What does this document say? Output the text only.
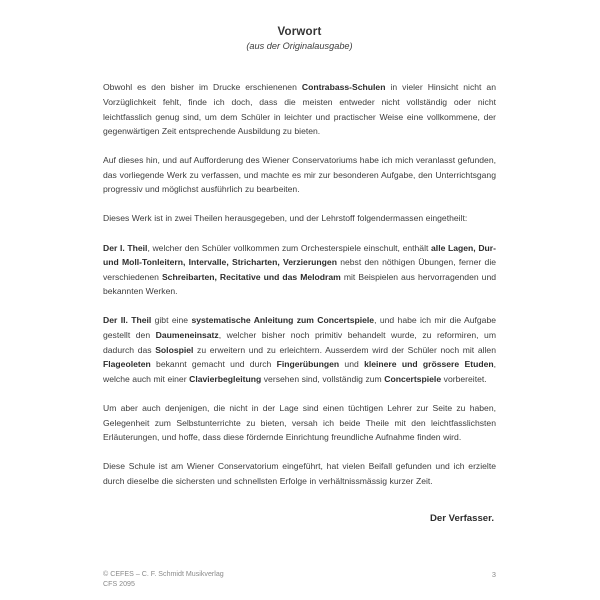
Vorwort
(aus der Originalausgabe)

Obwohl es den bisher im Drucke erschienenen Contrabass-Schulen in vieler Hinsicht nicht an Vorzüglichkeit fehlt, finde ich doch, dass die meisten entweder nicht vollständig oder nicht leichtfasslich genug sind, um dem Schüler in leichter und practischer Weise eine vollkommene, der gegenwärtigen Zeit entsprechende Ausbildung zu bieten.

Auf dieses hin, und auf Aufforderung des Wiener Conservatoriums habe ich mich veranlasst gefunden, das vorliegende Werk zu verfassen, und machte es mir zur besonderen Aufgabe, den Unterrichtsgang progressiv und möglichst ausführlich zu bearbeiten.

Dieses Werk ist in zwei Theilen herausgegeben, und der Lehrstoff folgendermassen eingetheilt:

Der I. Theil, welcher den Schüler vollkommen zum Orchesterspiele einschult, enthält alle Lagen, Dur- und Moll-Tonleitern, Intervalle, Stricharten, Verzierungen nebst den nöthigen Übungen, ferner die verschiedenen Schreibarten, Recitative und das Melodram mit Beispielen aus hervorragenden und bekannten Werken.

Der II. Theil gibt eine systematische Anleitung zum Concertspiele, und habe ich mir die Aufgabe gestellt den Daumeneinsatz, welcher bisher noch primitiv behandelt wurde, zu reformiren, um dadurch das Solospiel zu erweitern und zu erleichtern. Ausserdem wird der Schüler noch mit allen Flageoleten bekannt gemacht und durch Fingerübungen und kleinere und grössere Etuden, welche auch mit einer Clavierbegleitung versehen sind, vollständig zum Concertspiele vorbereitet.

Um aber auch denjenigen, die nicht in der Lage sind einen tüchtigen Lehrer zur Seite zu haben, Gelegenheit zum Selbstunterrichte zu bieten, versah ich beide Theile mit den leichtfasslichsten Erläuterungen, und hoffe, dass diese fördernde Einrichtung freundliche Aufnahme finden wird.

Diese Schule ist am Wiener Conservatorium eingeführt, hat vielen Beifall gefunden und ich erzielte durch dieselbe die sichersten und schnellsten Erfolge in verhältnissmässig kurzer Zeit.

Der Verfasser.
© CEFES – C. F. Schmidt Musikverlag
CFS 2095
3
